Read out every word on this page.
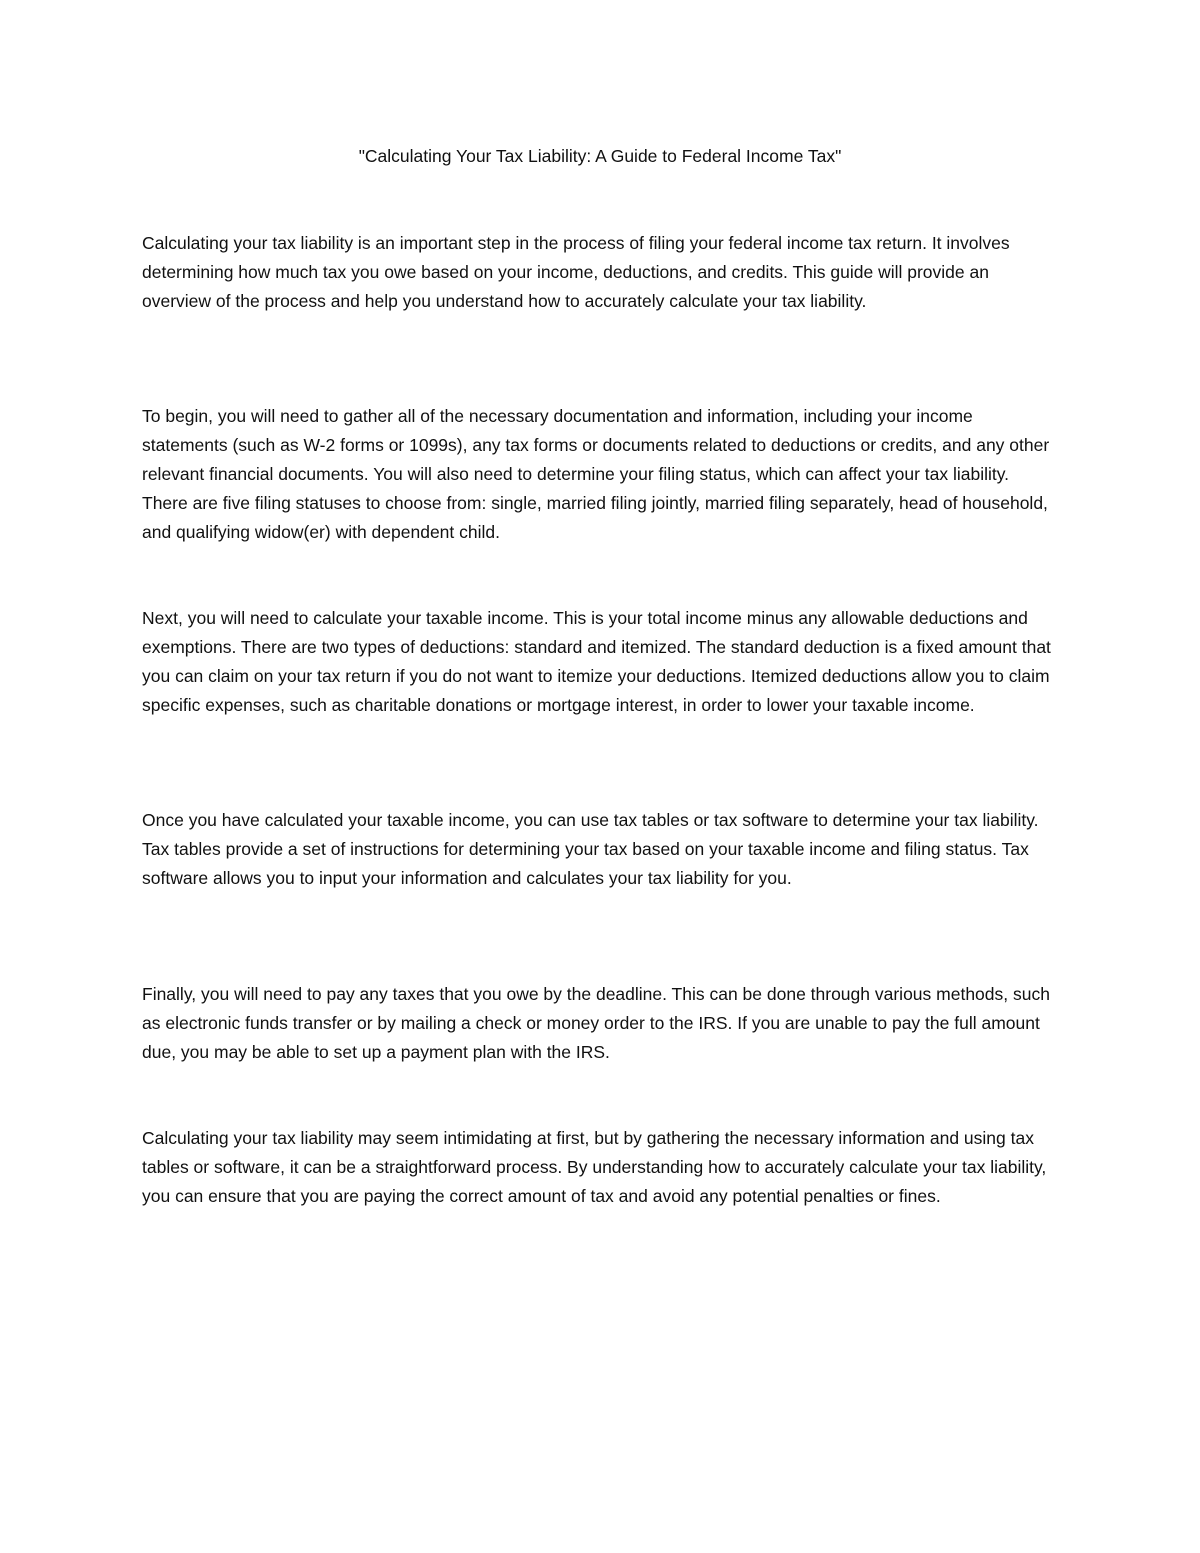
"Calculating Your Tax Liability: A Guide to Federal Income Tax"

Calculating your tax liability is an important step in the process of filing your federal income tax return. It involves determining how much tax you owe based on your income, deductions, and credits. This guide will provide an overview of the process and help you understand how to accurately calculate your tax liability.

To begin, you will need to gather all of the necessary documentation and information, including your income statements (such as W-2 forms or 1099s), any tax forms or documents related to deductions or credits, and any other relevant financial documents. You will also need to determine your filing status, which can affect your tax liability. There are five filing statuses to choose from: single, married filing jointly, married filing separately, head of household, and qualifying widow(er) with dependent child.

Next, you will need to calculate your taxable income. This is your total income minus any allowable deductions and exemptions. There are two types of deductions: standard and itemized. The standard deduction is a fixed amount that you can claim on your tax return if you do not want to itemize your deductions. Itemized deductions allow you to claim specific expenses, such as charitable donations or mortgage interest, in order to lower your taxable income.

Once you have calculated your taxable income, you can use tax tables or tax software to determine your tax liability. Tax tables provide a set of instructions for determining your tax based on your taxable income and filing status. Tax software allows you to input your information and calculates your tax liability for you.

Finally, you will need to pay any taxes that you owe by the deadline. This can be done through various methods, such as electronic funds transfer or by mailing a check or money order to the IRS. If you are unable to pay the full amount due, you may be able to set up a payment plan with the IRS.

Calculating your tax liability may seem intimidating at first, but by gathering the necessary information and using tax tables or software, it can be a straightforward process. By understanding how to accurately calculate your tax liability, you can ensure that you are paying the correct amount of tax and avoid any potential penalties or fines.
